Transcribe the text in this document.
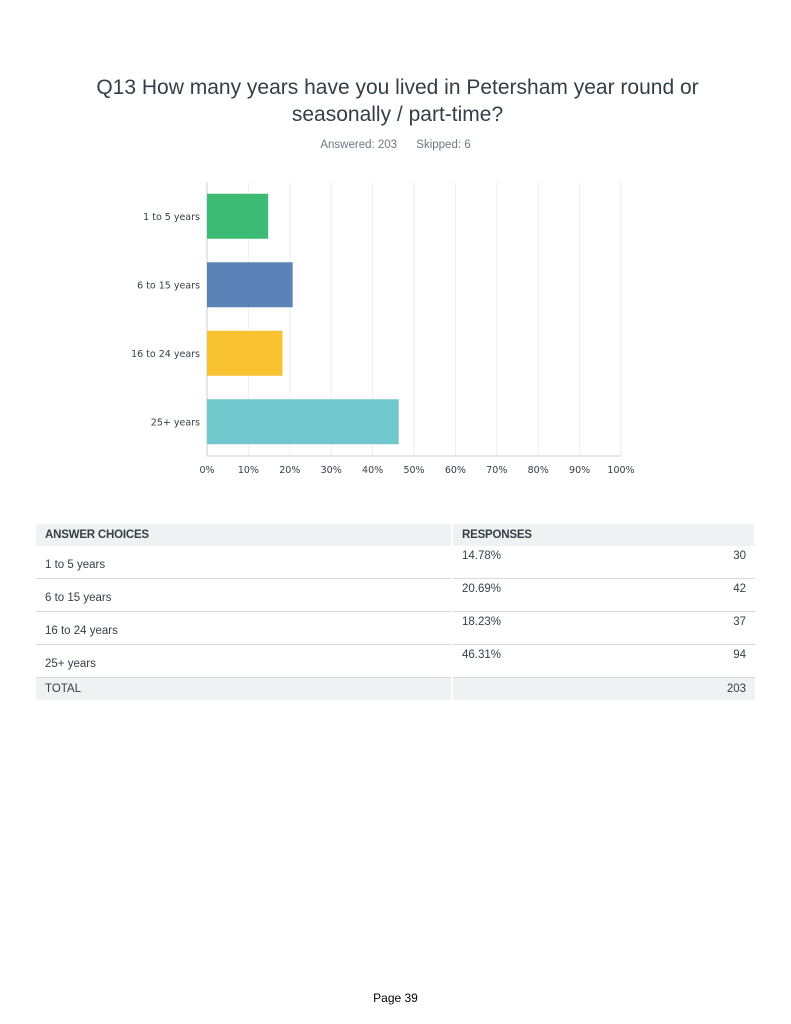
Q13 How many years have you lived in Petersham year round or seasonally / part-time?
Answered: 203 Skipped: 6
1 to 5 years
6 to 15 years
16 to 24 years
25+ years
0% 10% 20% 30% 40% 50% 60% 70% 80% 90% 100%
ANSWER CHOICES	RESPONSES	
1 to 5 years	14.78%	30
6 to 15 years	20.69%	42
16 to 24 years	18.23%	37
25+ years	46.31%	94
TOTAL		203
Page 39
